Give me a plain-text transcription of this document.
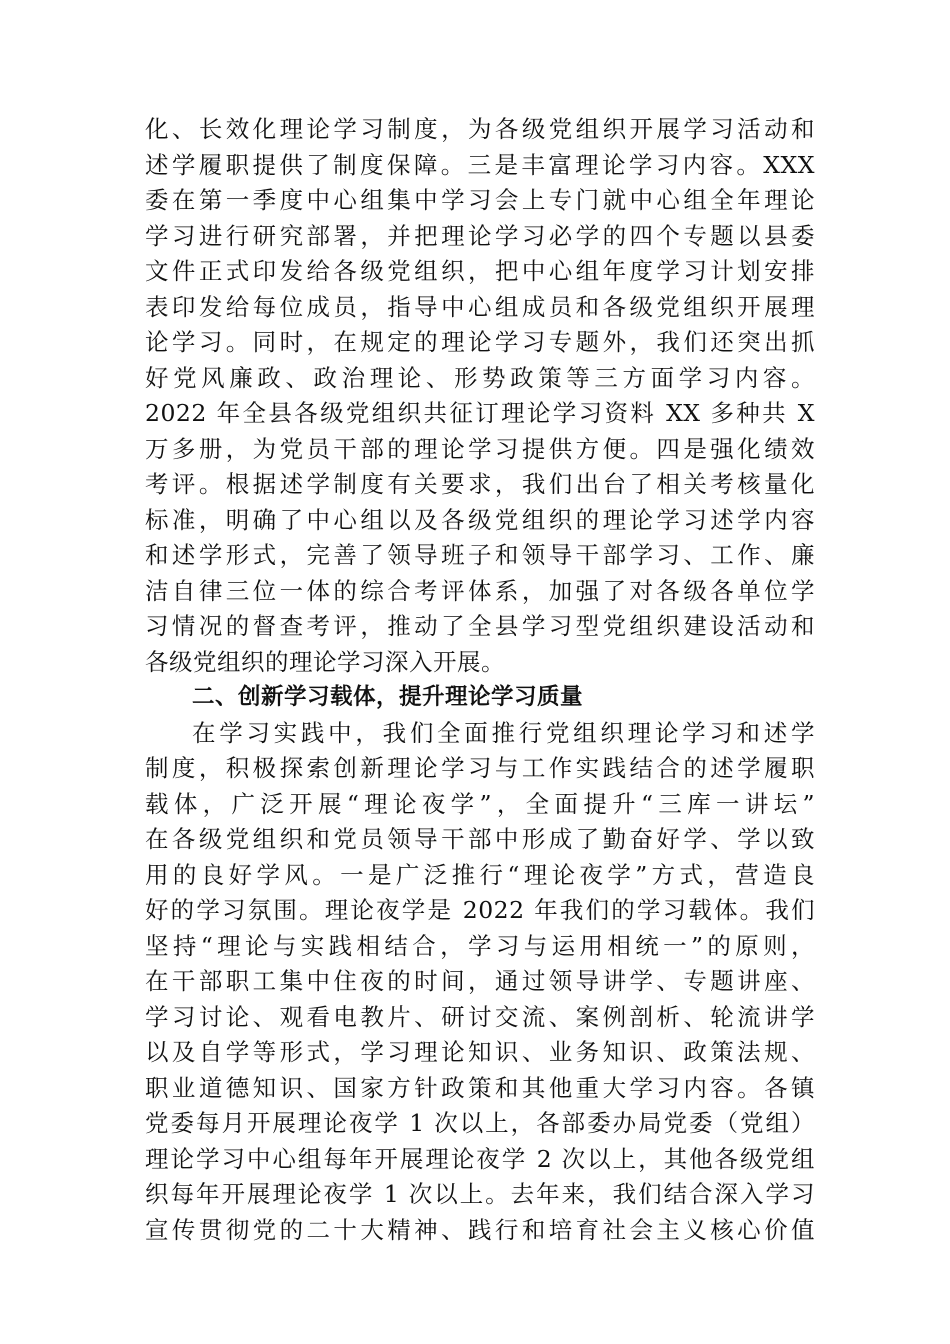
化、长效化理论学习制度，为各级党组织开展学习活动和
述学履职提供了制度保障。三是丰富理论学习内容。XXX
委在第一季度中心组集中学习会上专门就中心组全年理论
学习进行研究部署，并把理论学习必学的四个专题以县委
文件正式印发给各级党组织，把中心组年度学习计划安排
表印发给每位成员，指导中心组成员和各级党组织开展理
论学习。同时，在规定的理论学习专题外，我们还突出抓
好党风廉政、政治理论、形势政策等三方面学习内容。
2022 年全县各级党组织共征订理论学习资料 XX 多种共 X
万多册，为党员干部的理论学习提供方便。四是强化绩效
考评。根据述学制度有关要求，我们出台了相关考核量化
标准，明确了中心组以及各级党组织的理论学习述学内容
和述学形式，完善了领导班子和领导干部学习、工作、廉
洁自律三位一体的综合考评体系，加强了对各级各单位学
习情况的督查考评，推动了全县学习型党组织建设活动和
各级党组织的理论学习深入开展。
二、创新学习载体，提升理论学习质量
在学习实践中，我们全面推行党组织理论学习和述学
制度，积极探索创新理论学习与工作实践结合的述学履职
载体，广泛开展“理论夜学”，全面提升“三库一讲坛”
在各级党组织和党员领导干部中形成了勤奋好学、学以致
用的良好学风。一是广泛推行“理论夜学”方式，营造良
好的学习氛围。理论夜学是 2022 年我们的学习载体。我们
坚持“理论与实践相结合，学习与运用相统一”的原则，
在干部职工集中住夜的时间，通过领导讲学、专题讲座、
学习讨论、观看电教片、研讨交流、案例剖析、轮流讲学
以及自学等形式，学习理论知识、业务知识、政策法规、
职业道德知识、国家方针政策和其他重大学习内容。各镇
党委每月开展理论夜学 1 次以上，各部委办局党委（党组）
理论学习中心组每年开展理论夜学 2 次以上，其他各级党组
织每年开展理论夜学 1 次以上。去年来，我们结合深入学习
宣传贯彻党的二十大精神、践行和培育社会主义核心价值
